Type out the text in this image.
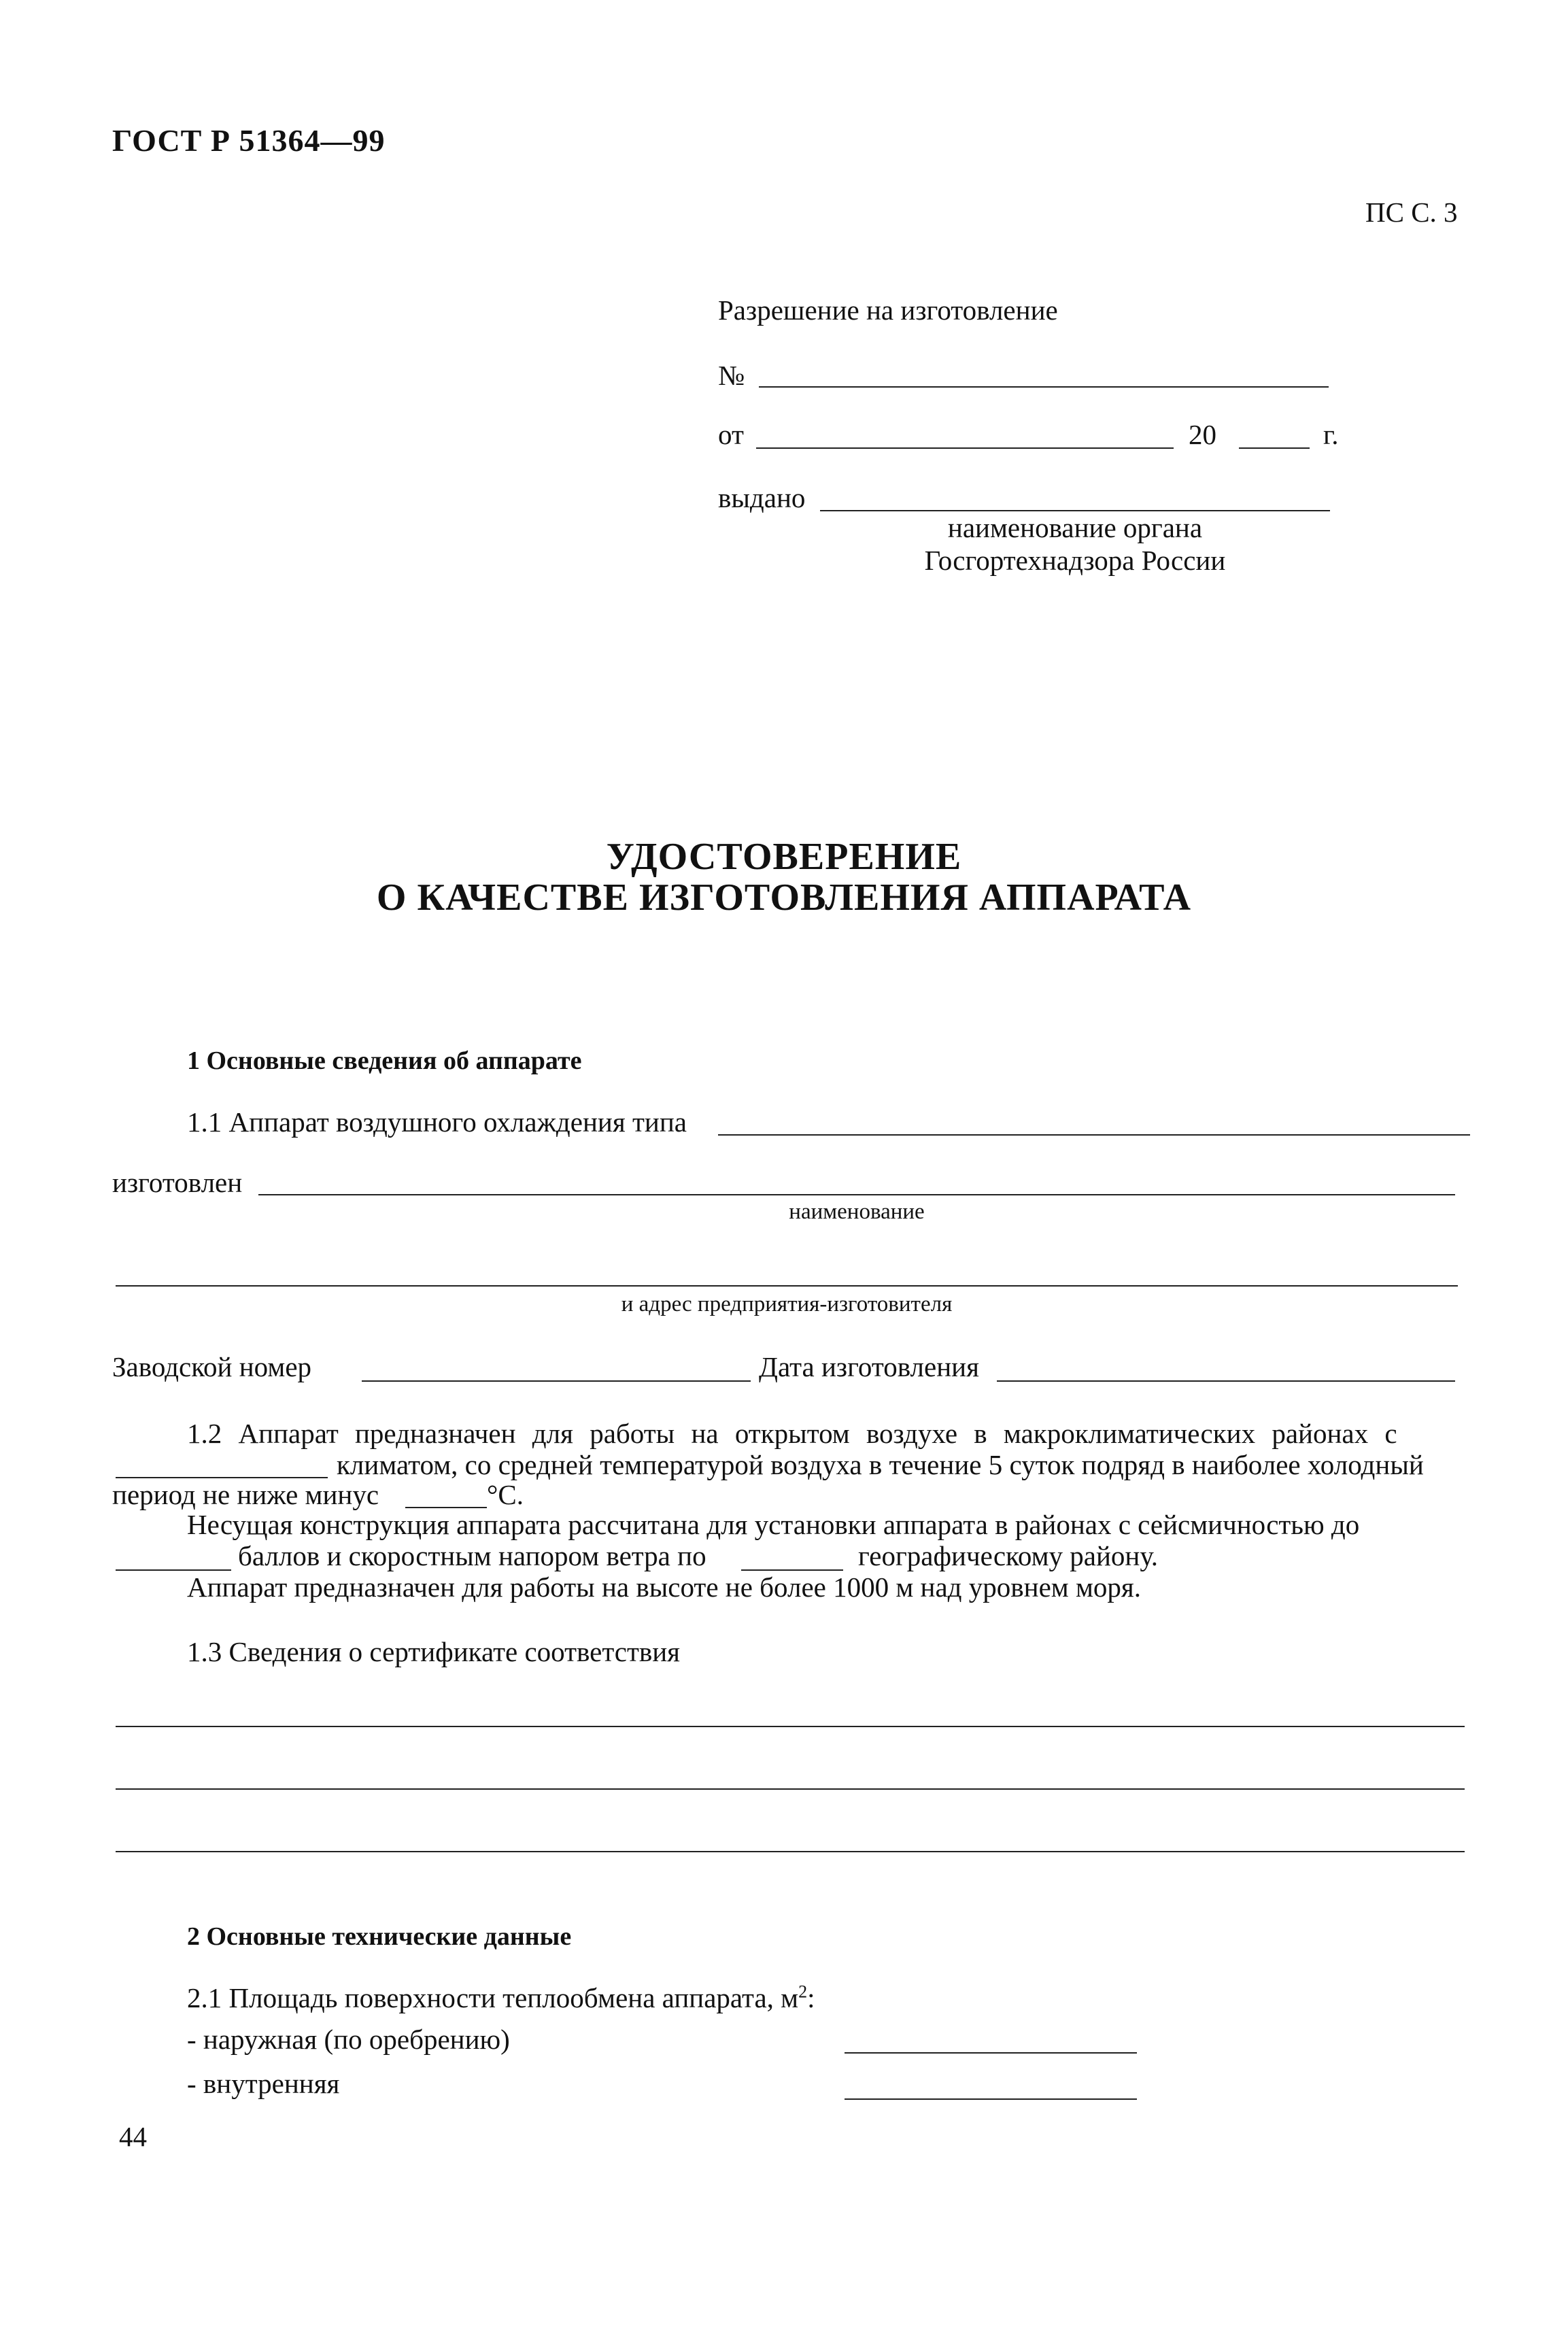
ГОСТ Р 51364—99
ПС С. 3
Разрешение на изготовление
№
от	20	г.
выдано
наименование органа
Госгортехнадзора России
УДОСТОВЕРЕНИЕ
О КАЧЕСТВЕ ИЗГОТОВЛЕНИЯ АППАРАТА
1 Основные сведения об аппарате
1.1 Аппарат воздушного охлаждения типа
изготовлен
наименование
и адрес предприятия-изготовителя
Заводской номер	Дата изготовления
1.2 Аппарат предназначен для работы на открытом воздухе в макроклиматических районах с
климатом, со средней температурой воздуха в течение 5 суток подряд в наиболее холодный
период не ниже минус	°С.
Несущая конструкция аппарата рассчитана для установки аппарата в районах с сейсмичностью до
баллов и скоростным напором ветра по	географическому району.
Аппарат предназначен для работы на высоте не более 1000 м над уровнем моря.
1.3 Сведения о сертификате соответствия
2 Основные технические данные
2.1 Площадь поверхности теплообмена аппарата, $м^2$:
- наружная (по оребрению)
- внутренняя
44
